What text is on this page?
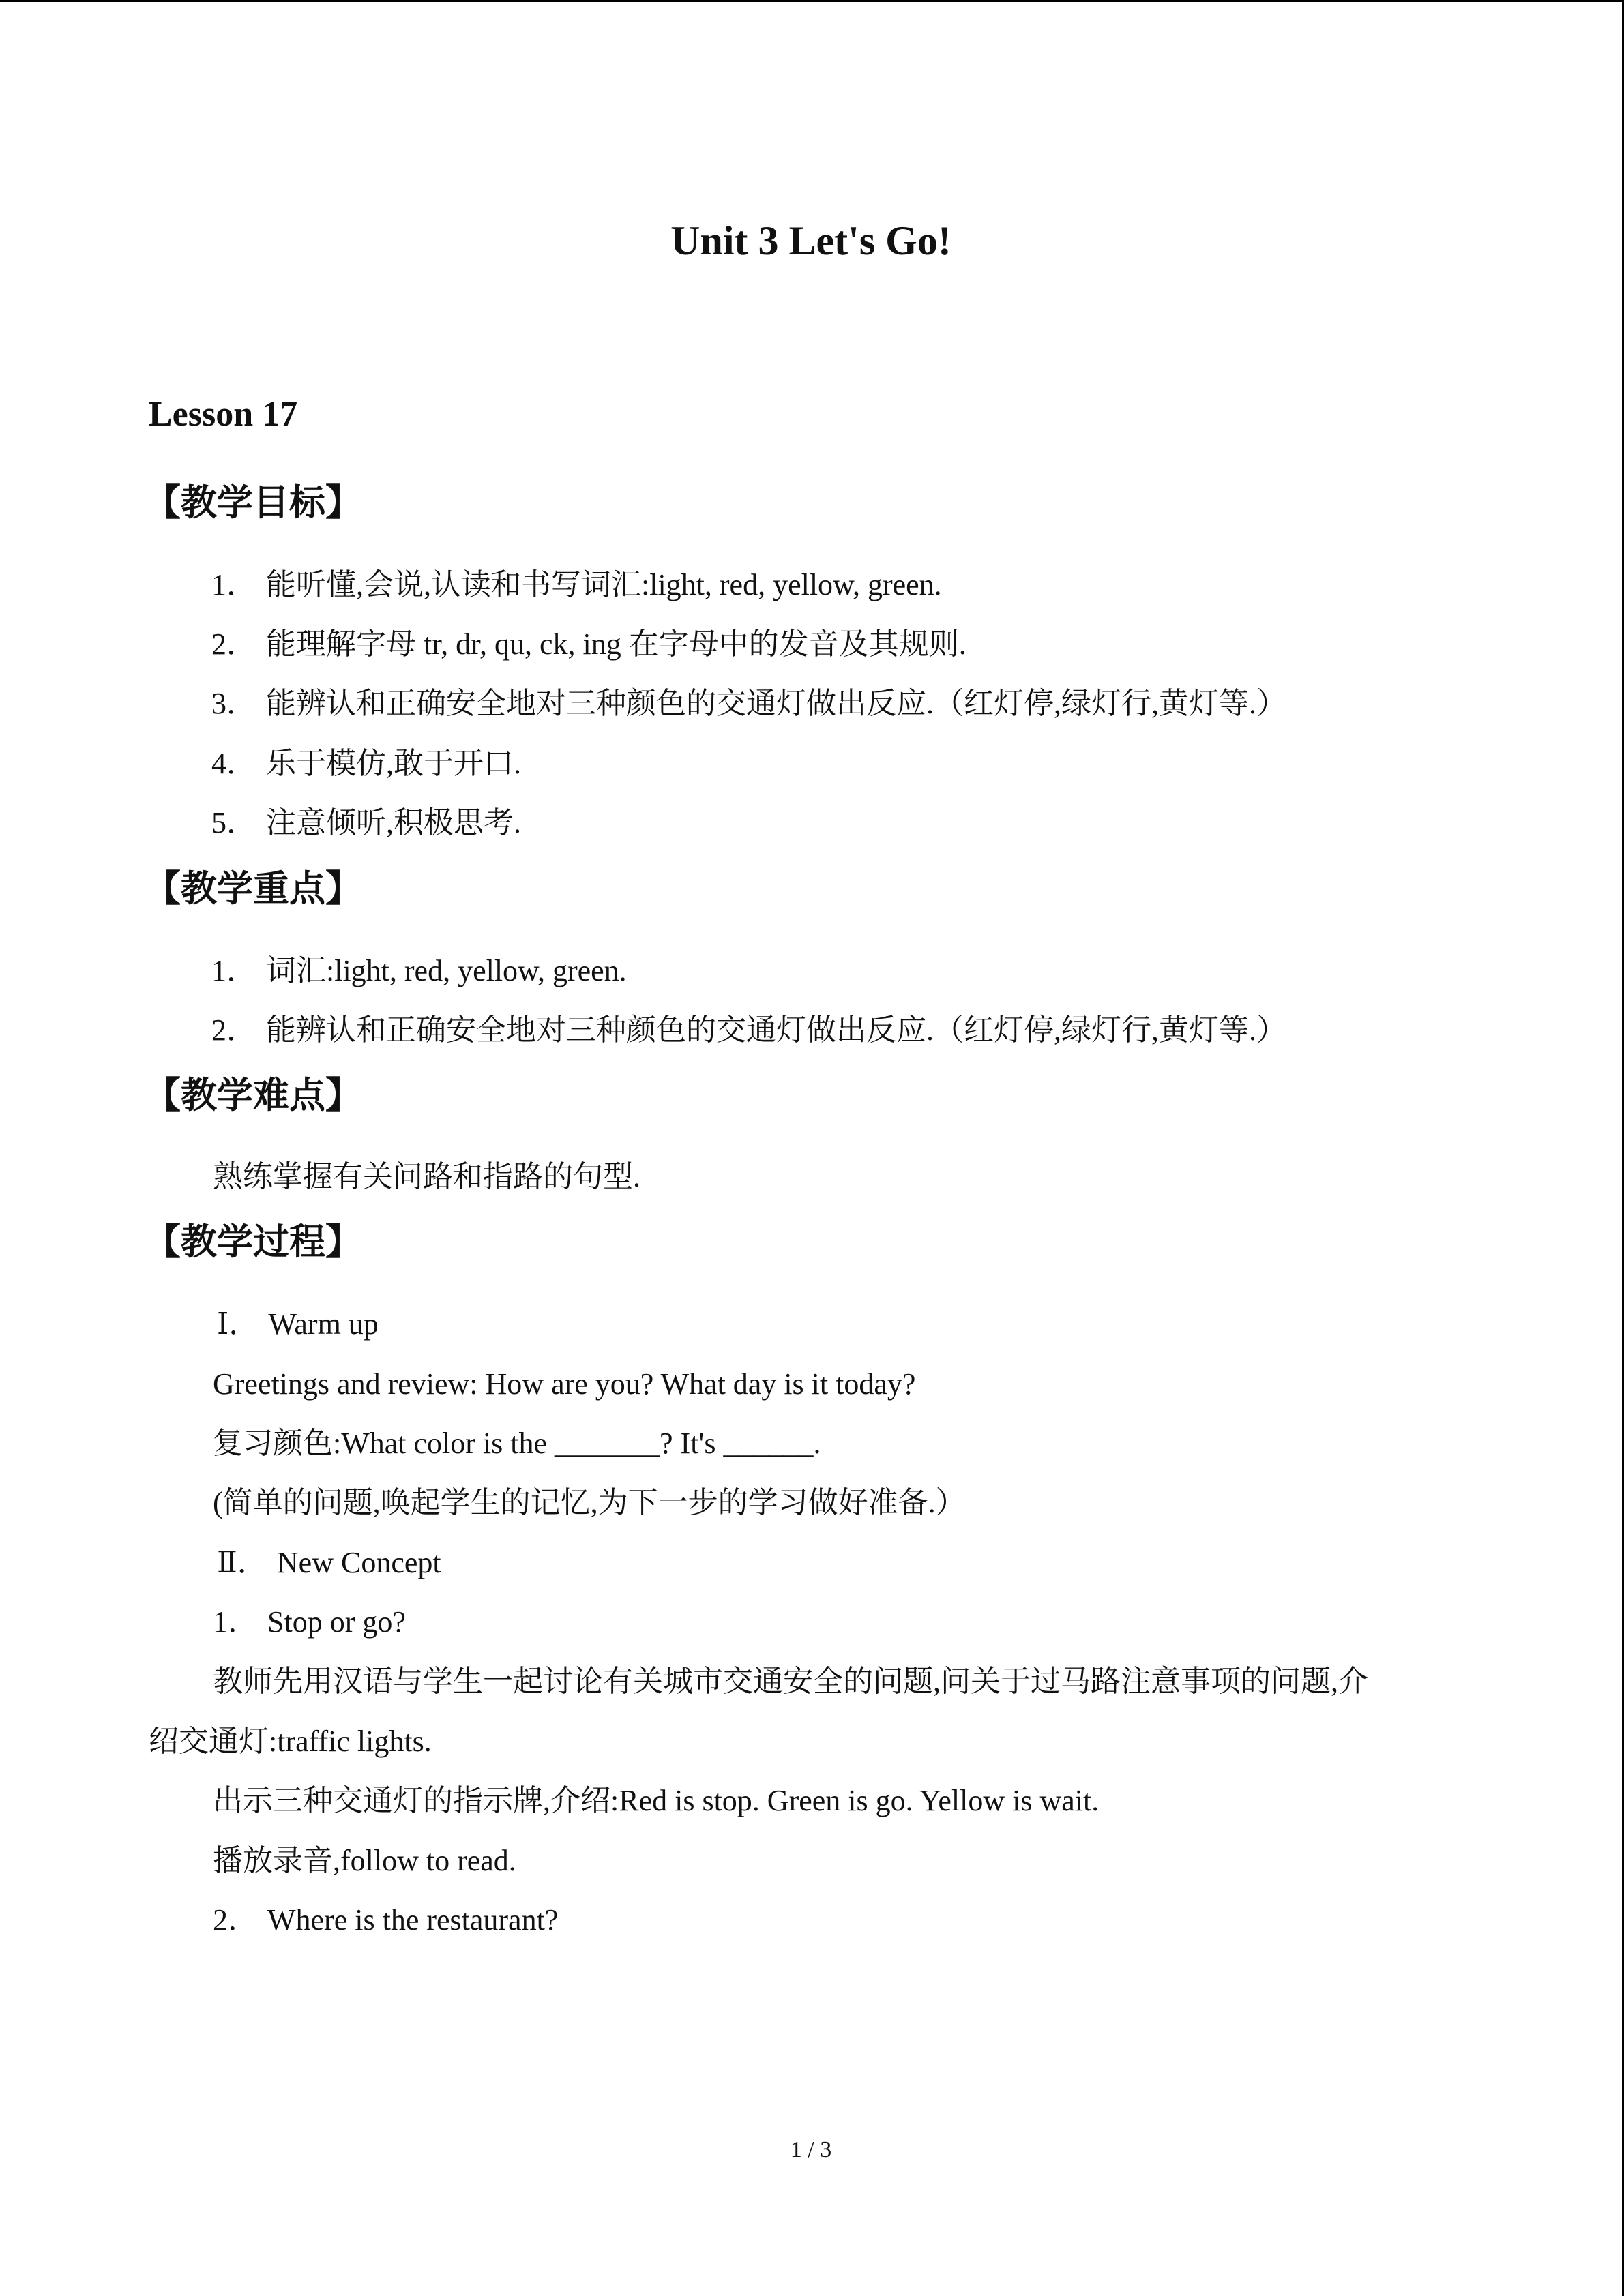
Unit 3 Let's Go!
Lesson 17
【教学目标】
1． 能听懂,会说,认读和书写词汇:light, red, yellow, green.
2． 能理解字母 tr, dr, qu, ck, ing 在字母中的发音及其规则.
3． 能辨认和正确安全地对三种颜色的交通灯做出反应.（红灯停,绿灯行,黄灯等.）
4． 乐于模仿,敢于开口.
5． 注意倾听,积极思考.
【教学重点】
1． 词汇:light, red, yellow, green.
2． 能辨认和正确安全地对三种颜色的交通灯做出反应.（红灯停,绿灯行,黄灯等.）
【教学难点】
熟练掌握有关问路和指路的句型.
【教学过程】
Ⅰ． Warm up
Greetings and review: How are you? What day is it today?
复习颜色:What color is the _______? It's ______.
(简单的问题,唤起学生的记忆,为下一步的学习做好准备.）
Ⅱ． New Concept
1． Stop or go?
教师先用汉语与学生一起讨论有关城市交通安全的问题,问关于过马路注意事项的问题,介
绍交通灯:traffic lights.
出示三种交通灯的指示牌,介绍:Red is stop. Green is go. Yellow is wait.
播放录音,follow to read.
2． Where is the restaurant?
1 / 3
